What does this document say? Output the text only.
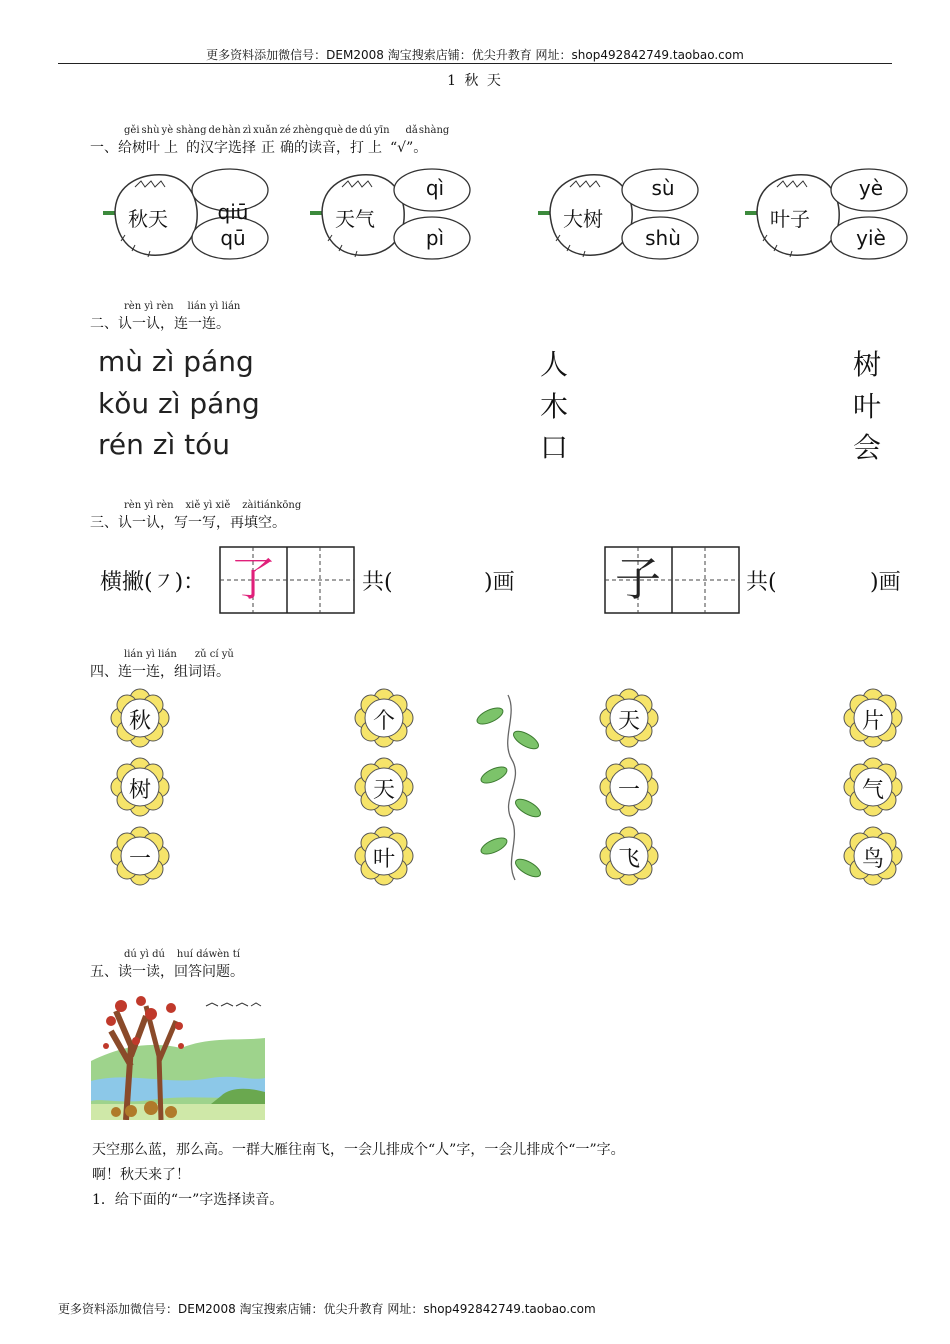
更多资料添加微信号：DEM2008 淘宝搜索店铺：优尖升教育 网址：shop492842749.taobao.com
1 秋 天
gěi shù yè shàng dehàn zì xuǎn zé zhèngquè de dú yīn dǎshàng
一、给树叶 上 的汉字选择 正 确的读音，打 上 “√”。
秋天	qiū
qū
天气
qì
pì
大树
sù
shù
叶子
yè
yiè
rèn yì rèn lián yì lián
二、认一认，连一连。
mù zì páng
kǒu zì páng
rén zì tóu
人
木
口
树
叶
会
rèn yì rèn xiě yì xiě zàitiánkōng
三、认一认，写一写，再填空。
横撇(㇇)： 了	共(	)画 子	共(	)画
lián yì lián zǔ cí yǔ
四、连一连，组词语。
秋
树
一
个
天
叶
天
一
飞
片
气
鸟
dú yì dú huí dáwèn tí
五、读一读，回答问题。
天空那么蓝，那么高。一群大雁往南飞，一会儿排成个“人”字，一会儿排成个“一”字。
啊！秋天来了！
1．给下面的“一”字选择读音。
更多资料添加微信号：DEM2008 淘宝搜索店铺：优尖升教育 网址：shop492842749.taobao.com
